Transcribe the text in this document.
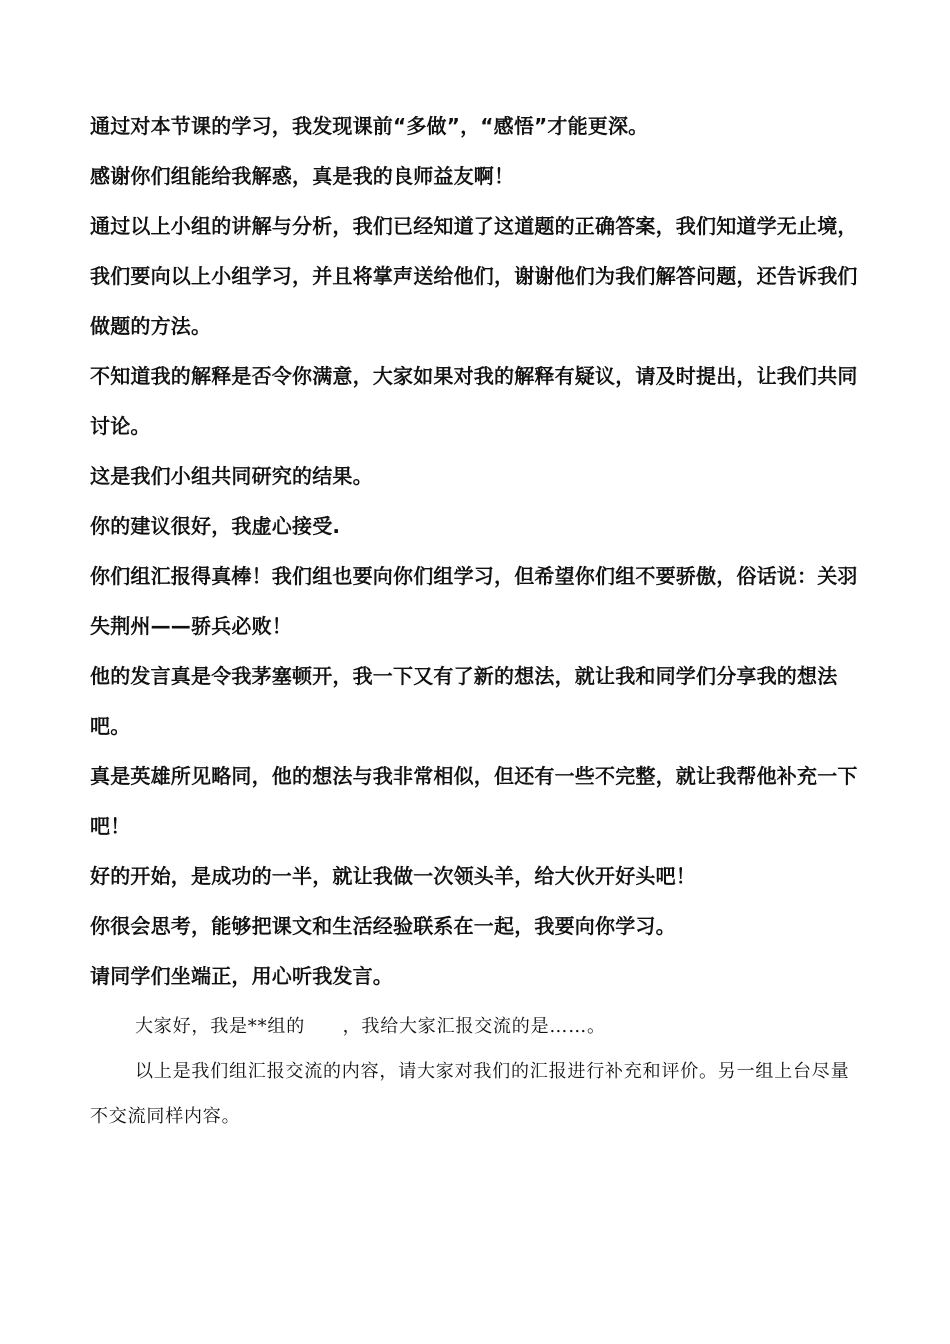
通过对本节课的学习，我发现课前“多做”，“感悟”才能更深。

感谢你们组能给我解惑，真是我的良师益友啊！

通过以上小组的讲解与分析，我们已经知道了这道题的正确答案，我们知道学无止境，我们要向以上小组学习，并且将掌声送给他们，谢谢他们为我们解答问题，还告诉我们做题的方法。

不知道我的解释是否令你满意，大家如果对我的解释有疑议，请及时提出，让我们共同讨论。

这是我们小组共同研究的结果。

你的建议很好，我虚心接受.

你们组汇报得真棒！我们组也要向你们组学习，但希望你们组不要骄傲，俗话说：关羽失荆州——骄兵必败！

他的发言真是令我茅塞顿开，我一下又有了新的想法，就让我和同学们分享我的想法吧。

真是英雄所见略同，他的想法与我非常相似，但还有一些不完整，就让我帮他补充一下吧！

好的开始，是成功的一半，就让我做一次领头羊，给大伙开好头吧！

你很会思考，能够把课文和生活经验联系在一起，我要向你学习。

请同学们坐端正，用心听我发言。

大家好，我是**组的　　，我给大家汇报交流的是……。

以上是我们组汇报交流的内容，请大家对我们的汇报进行补充和评价。另一组上台尽量不交流同样内容。
